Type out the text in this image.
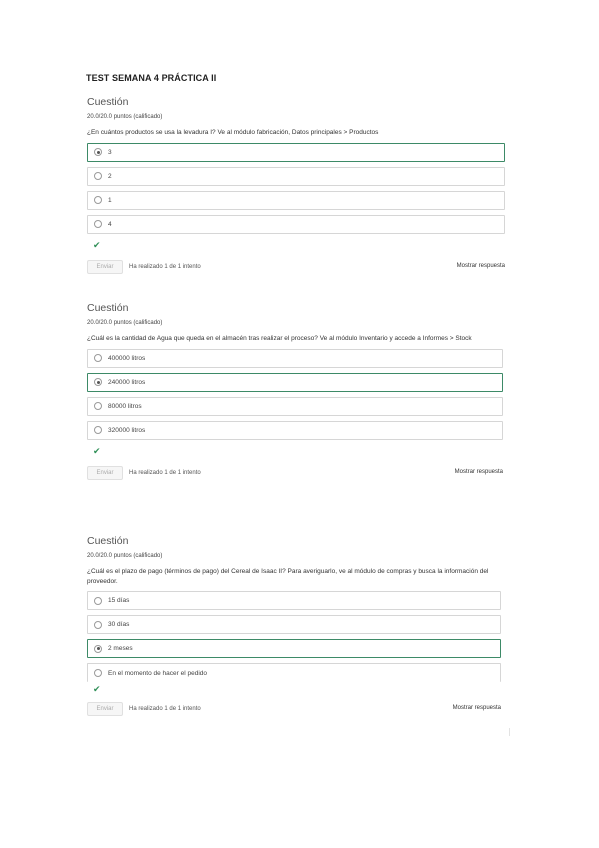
TEST SEMANA 4 PRÁCTICA II
Cuestión
20.0/20.0 puntos (calificado)
¿En cuántos productos se usa la levadura I? Ve al módulo fabricación, Datos principales > Productos
3
2
1
4
✔
Enviar	Ha realizado 1 de 1 intento	Mostrar respuesta
Cuestión
20.0/20.0 puntos (calificado)
¿Cuál es la cantidad de Agua que queda en el almacén tras realizar el proceso? Ve al módulo Inventario y accede a Informes > Stock
400000 litros
240000 litros
80000 litros
320000 litros
✔
Enviar	Ha realizado 1 de 1 intento	Mostrar respuesta
Cuestión
20.0/20.0 puntos (calificado)
¿Cuál es el plazo de pago (términos de pago) del Cereal de Isaac II? Para averiguarlo, ve al módulo de compras y busca la información del proveedor.
15 días
30 días
2 meses
En el momento de hacer el pedido
✔
Enviar	Ha realizado 1 de 1 intento	Mostrar respuesta
